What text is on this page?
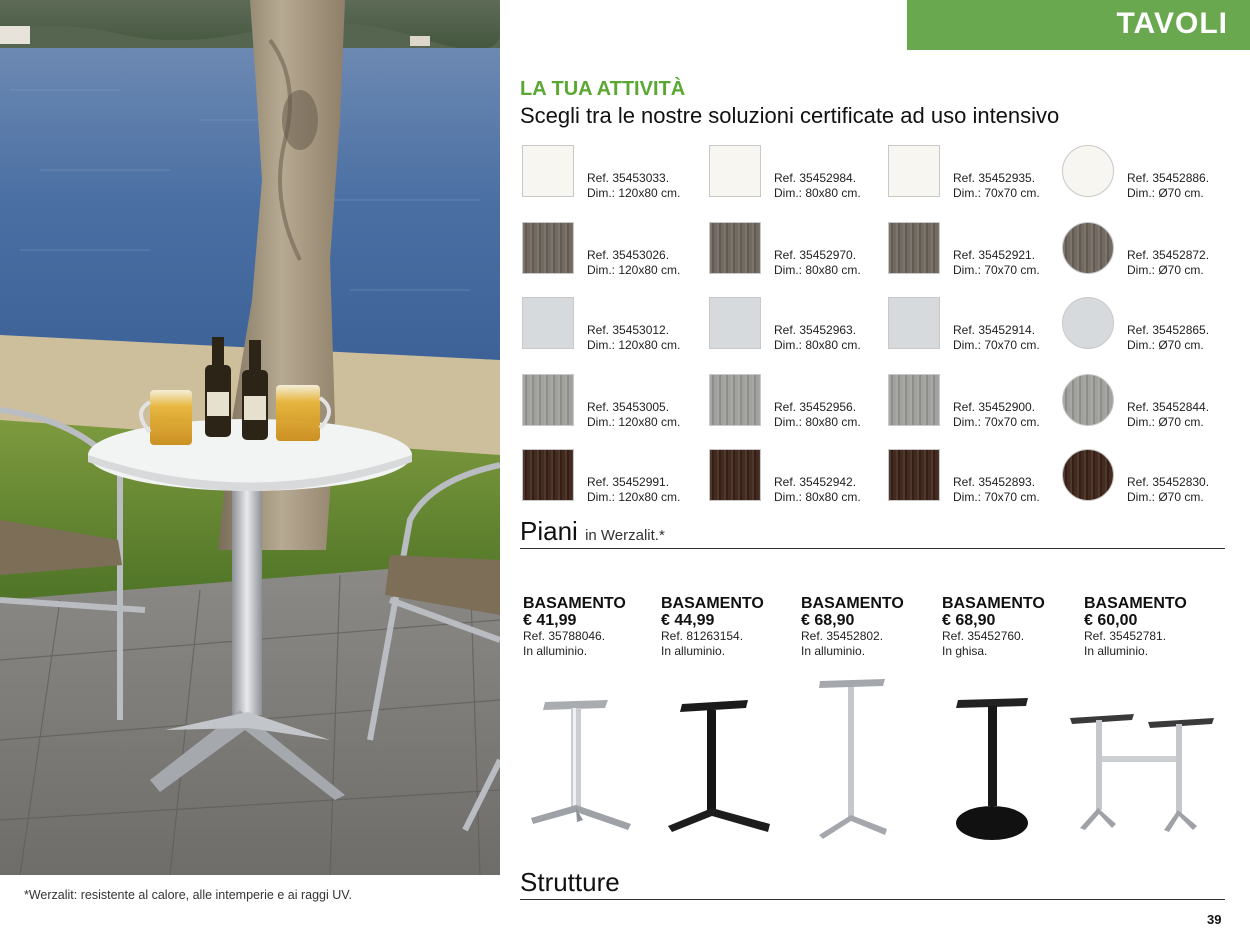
*Werzalit: resistente al calore, alle intemperie e ai raggi UV.
TAVOLI
LA TUA ATTIVITÀ
Scegli tra le nostre soluzioni certificate ad uso intensivo
Ref. 35453033.
Dim.: 120x80 cm.
Ref. 35452984.
Dim.: 80x80 cm.
Ref. 35452935.
Dim.: 70x70 cm.
Ref. 35452886.
Dim.: Ø70 cm.
Ref. 35453026.
Dim.: 120x80 cm.
Ref. 35452970.
Dim.: 80x80 cm.
Ref. 35452921.
Dim.: 70x70 cm.
Ref. 35452872.
Dim.: Ø70 cm.
Ref. 35453012.
Dim.: 120x80 cm.
Ref. 35452963.
Dim.: 80x80 cm.
Ref. 35452914.
Dim.: 70x70 cm.
Ref. 35452865.
Dim.: Ø70 cm.
Ref. 35453005.
Dim.: 120x80 cm.
Ref. 35452956.
Dim.: 80x80 cm.
Ref. 35452900.
Dim.: 70x70 cm.
Ref. 35452844.
Dim.: Ø70 cm.
Ref. 35452991.
Dim.: 120x80 cm.
Ref. 35452942.
Dim.: 80x80 cm.
Ref. 35452893.
Dim.: 70x70 cm.
Ref. 35452830.
Dim.: Ø70 cm.
Piani in Werzalit.*
BASAMENTO
€ 41,99
Ref. 35788046.
In alluminio.
BASAMENTO
€ 44,99
Ref. 81263154.
In alluminio.
BASAMENTO
€ 68,90
Ref. 35452802.
In alluminio.
BASAMENTO
€ 68,90
Ref. 35452760.
In ghisa.
BASAMENTO
€ 60,00
Ref. 35452781.
In alluminio.
Strutture
39
